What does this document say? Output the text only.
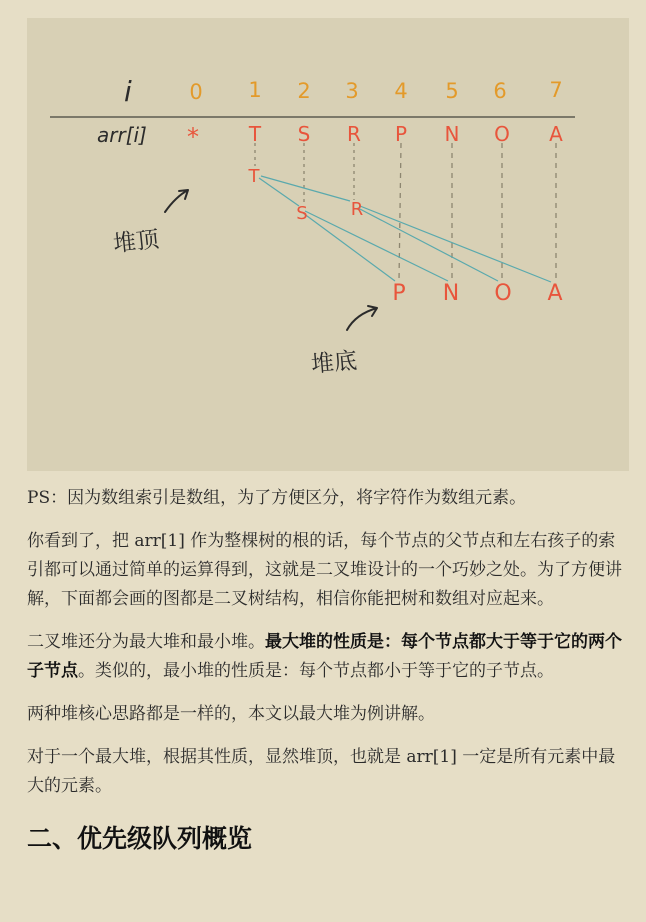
i
arr[i]
0 1 2 3 4 5 6 7
* T S R P N O A
T
S R
P N O A
堆顶
堆底

PS：因为数组索引是数组，为了方便区分，将字符作为数组元素。

你看到了，把 arr[1] 作为整棵树的根的话，每个节点的父节点和左右孩子的索引都可以通过简单的运算得到，这就是二叉堆设计的一个巧妙之处。为了方便讲解，下面都会画的图都是二叉树结构，相信你能把树和数组对应起来。

二叉堆还分为最大堆和最小堆。最大堆的性质是：每个节点都大于等于它的两个子节点。类似的，最小堆的性质是：每个节点都小于等于它的子节点。

两种堆核心思路都是一样的，本文以最大堆为例讲解。

对于一个最大堆，根据其性质，显然堆顶，也就是 arr[1] 一定是所有元素中最大的元素。

二、优先级队列概览
